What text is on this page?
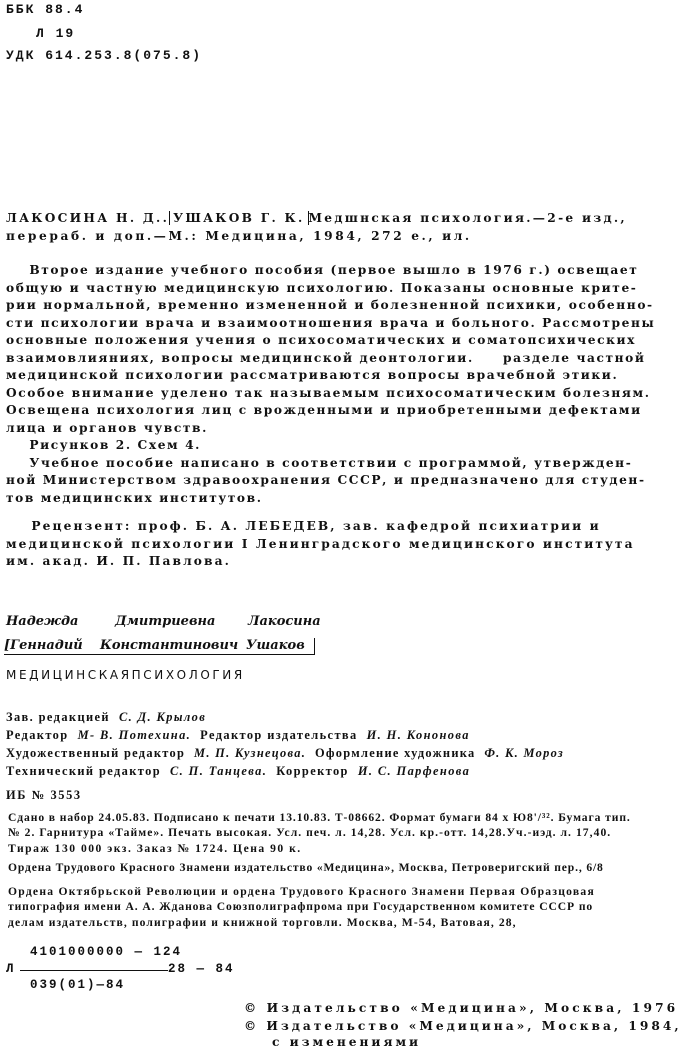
ББК 88.4
Л 19
УДК 614.253.8(075.8)
ЛАКОСИНА Н. Д.. УШАКОВ Г. К. Медшнская психология.—2-е изд.,
перераб. и доп.—М.: Медицина, 1984, 272 е., ил.
Второе издание учебного пособия (первое вышло в 1976 г.) освещает
общую и частную медицинскую психологию. Показаны основные крите-
рии нормальной, временно измененной и болезненной психики, особенно-
сти психологии врача и взаимоотношения врача и больного. Рассмотрены
основные положения учения о психосоматических и соматопсихических
взаимовлияниях, вопросы медицинской деонтологии.     разделе частной
медицинской психологии рассматриваются вопросы врачебной этики.
Особое внимание уделено так называемым психосоматическим болезням.
Освещена психология лиц с врожденными и приобретенными дефектами
лица и органов чувств.
Рисунков 2. Схем 4.
Учебное пособие написано в соответствии с программой, утвержден-
ной Министерством здравоохранения СССР, и предназначено для студен-
тов медицинских институтов.
Рецензент: проф. Б. А. ЛЕБЕДЕВ, зав. кафедрой психиатрии и
медицинской психологии I Ленинградского медицинского института
им. акад. И. П. Павлова.
Надежда	Дмитриевна	Лакосина
[Геннадий Константинович Ушаков
МЕДИЦИНСКАЯПСИХОЛОГИЯ
Зав. редакцией С. Д. Крылов
Редактор М- В. Потехина. Редактор издательства И. Н. Кононова
Художественный редактор М. П. Кузнецова. Оформление художника Ф. К. Мороз
Технический редактор С. П. Танцева. Корректор И. С. Парфенова
ИБ № 3553
Сдано в набор 24.05.83. Подписано к печати 13.10.83. Т-08662. Формат бумаги 84 х Ю8'/³². Бумага тип.
№ 2. Гарнитура «Тайме». Печать высокая. Усл. печ. л. 14,28. Усл. кр.-отт. 14,28.Уч.-иэд. л. 17,40.
Тираж 130 000 экз. Заказ № 1724. Цена 90 к.
Ордена Трудового Красного Знамени издательство «Медицина», Москва, Петроверигский пер., 6/8
Ордена Октябрьской Революции и ордена Трудового Красного Знамени Первая Образцовая
типография имени А. А. Жданова Союзполиграфпрома при Государственном комитете СССР по
делам издательств, полиграфии и книжной торговли. Москва, М-54, Ватовая, 28,
4101000000 — 124
Л	28 — 84
039(01)—84
© Издательство «Медицина», Москва, 1976
© Издательство «Медицина», Москва, 1984,
с изменениями
